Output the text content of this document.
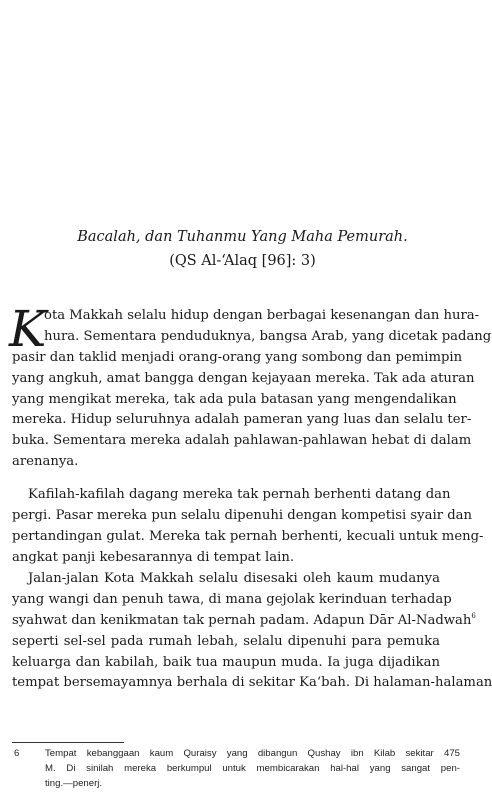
Bacalah, dan Tuhanmu Yang Maha Pemurah.
(QS Al-‘Alaq [96]: 3)
K
ota Makkah selalu hidup dengan berbagai kesenangan dan hura-
hura. Sementara penduduknya, bangsa Arab, yang dicetak padang
pasir dan taklid menjadi orang-orang yang sombong dan pemimpin
yang angkuh, amat bangga dengan kejayaan mereka. Tak ada aturan
yang mengikat mereka, tak ada pula batasan yang mengendalikan
mereka. Hidup seluruhnya adalah pameran yang luas dan selalu ter-
buka. Sementara mereka adalah pahlawan-pahlawan hebat di dalam
arenanya.
Kafilah-kafilah dagang mereka tak pernah berhenti datang dan
pergi. Pasar mereka pun selalu dipenuhi dengan kompetisi syair dan
pertandingan gulat. Mereka tak pernah berhenti, kecuali untuk meng-
angkat panji kebesarannya di tempat lain.
Jalan-jalan Kota Makkah selalu disesaki oleh kaum mudanya
yang wangi dan penuh tawa, di mana gejolak kerinduan terhadap
syahwat dan kenikmatan tak pernah padam. Adapun Dār Al-Nadwah$^6$
seperti sel-sel pada rumah lebah, selalu dipenuhi para pemuka
keluarga dan kabilah, baik tua maupun muda. Ia juga dijadikan
tempat bersemayamnya berhala di sekitar Ka‘bah. Di halaman-halaman
6	Tempat kebanggaan kaum Quraisy yang dibangun Qushay ibn Kilab sekitar 475
M. Di sinilah mereka berkumpul untuk membicarakan hal-hal yang sangat pen-
ting.—penerj.
